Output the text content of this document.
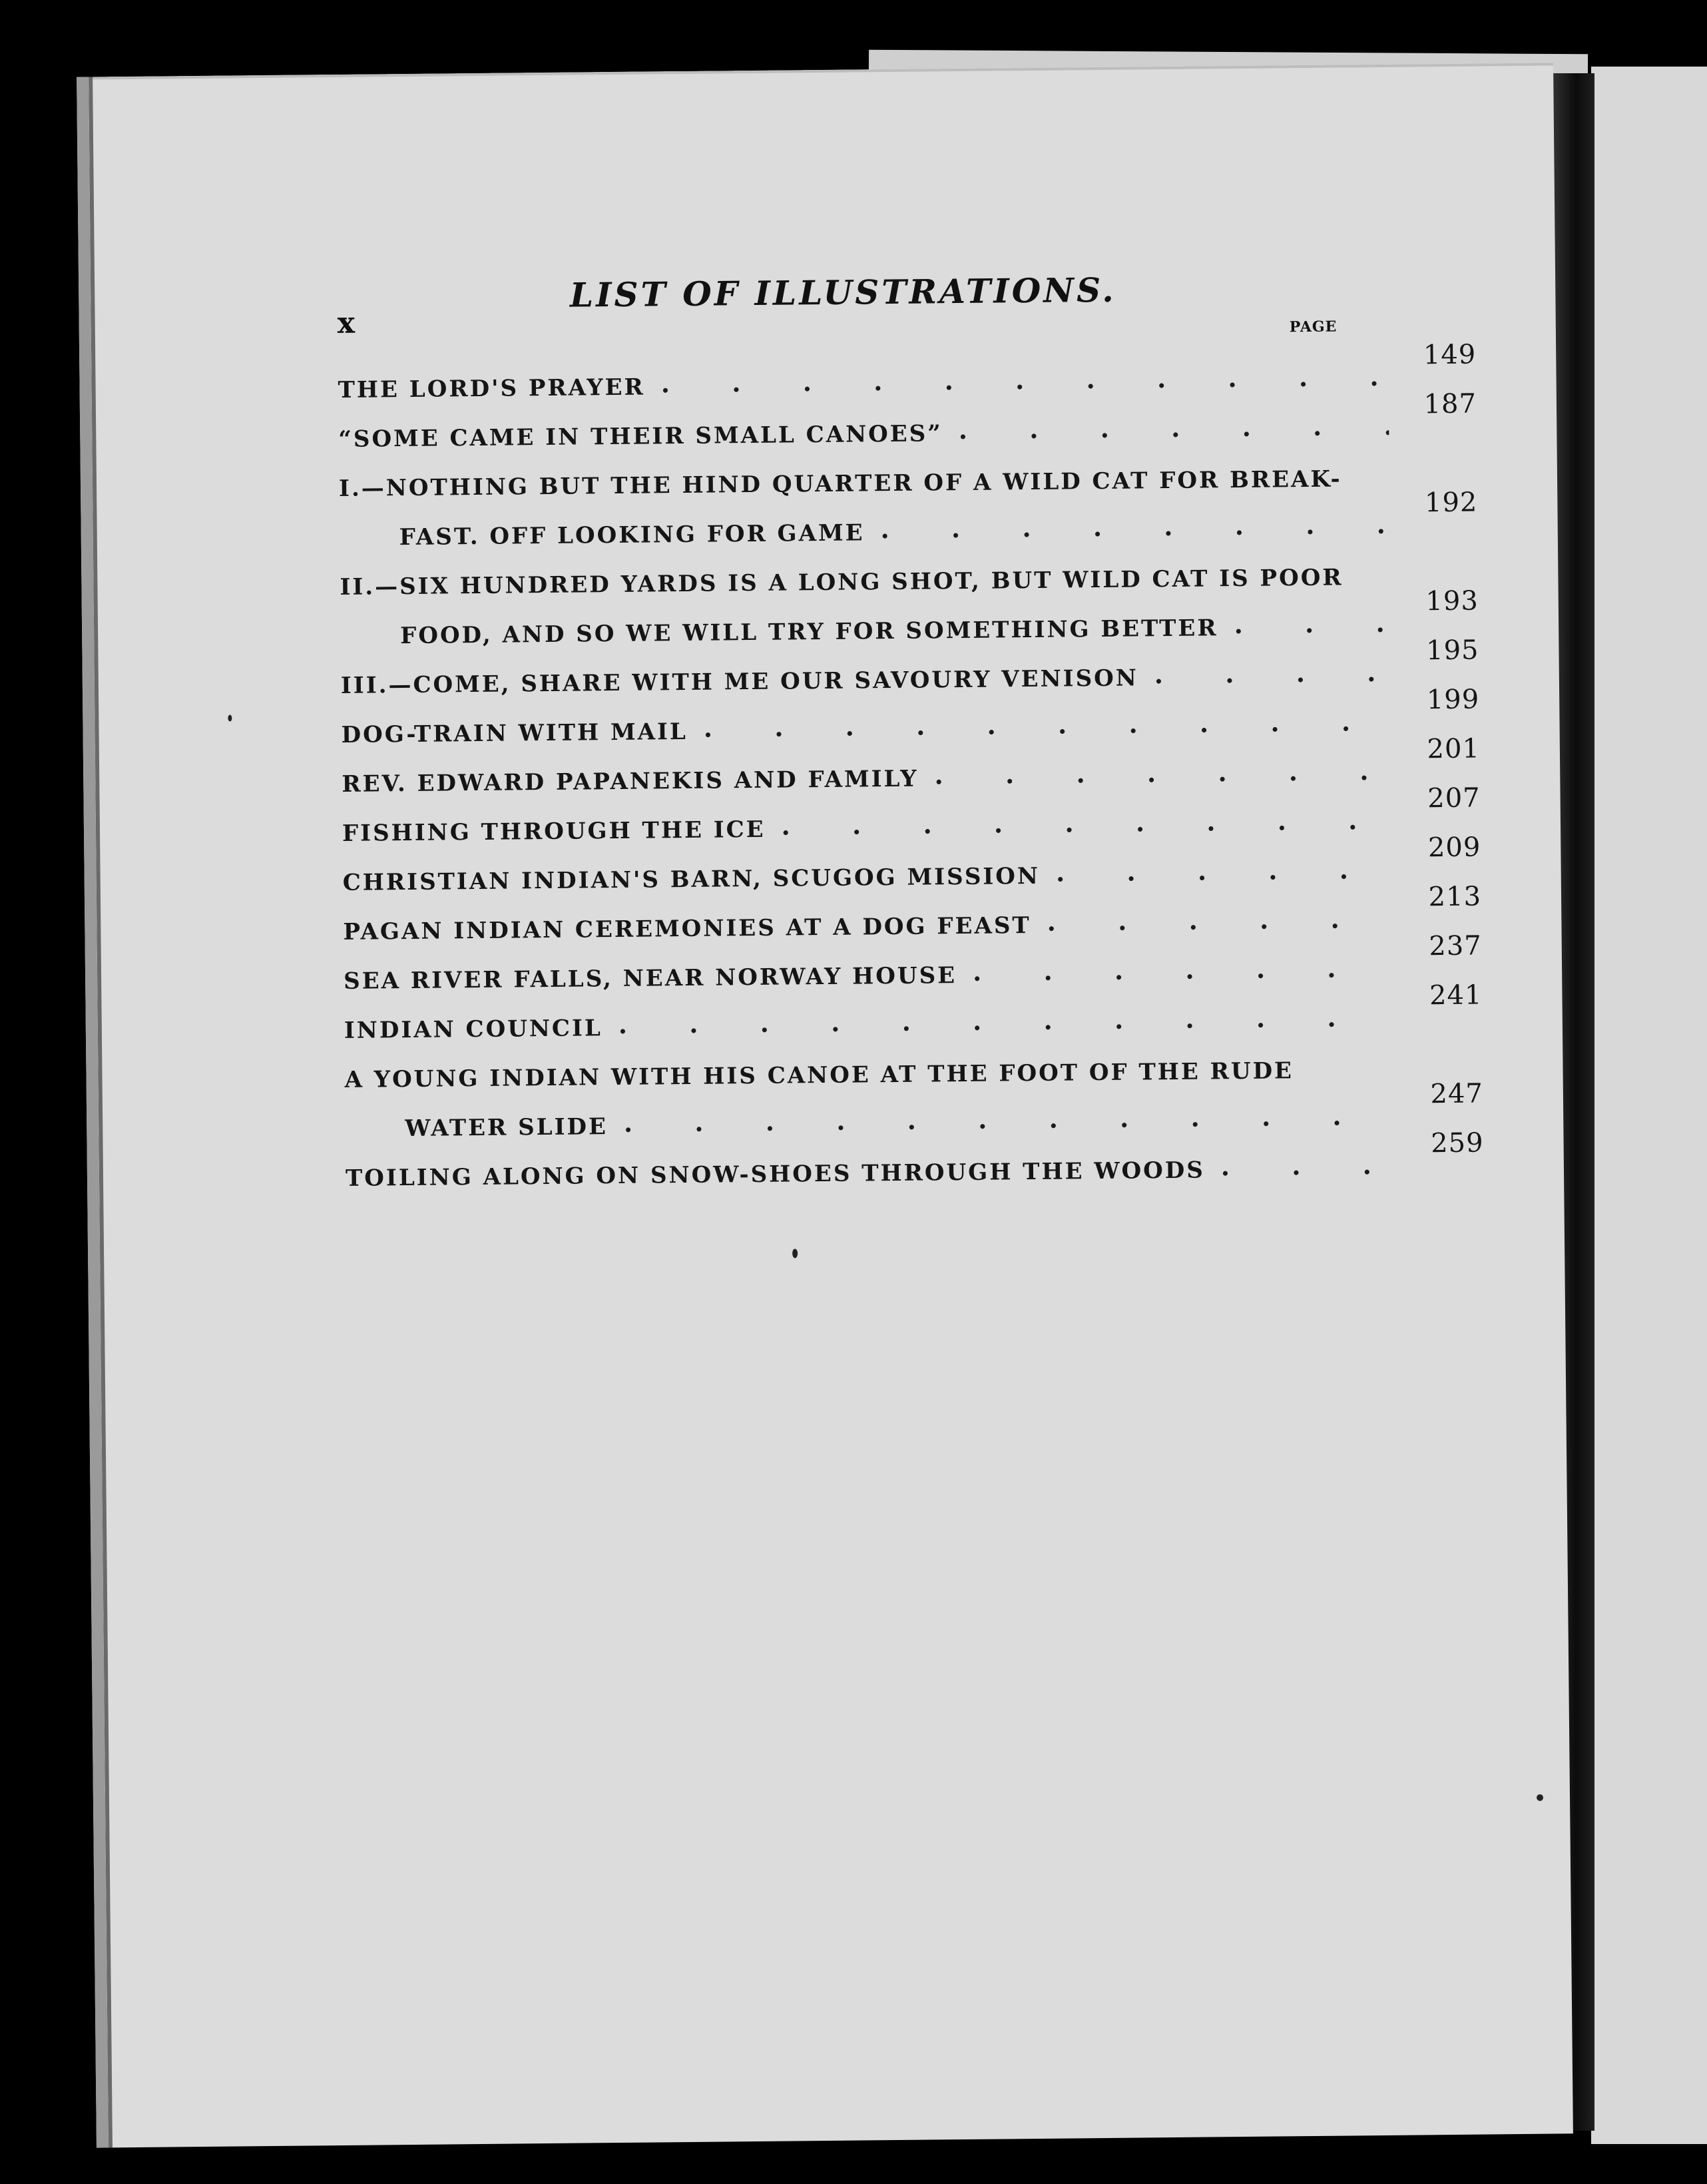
x
LIST OF ILLUSTRATIONS.
PAGE
THE LORD'S PRAYER
. . .
149
“SOME CAME IN THEIR SMALL CANOES”
. . .
187
I.—NOTHING BUT THE HIND QUARTER OF A WILD CAT FOR BREAK-
FAST. OFF LOOKING FOR GAME
. . .
192
II.—SIX HUNDRED YARDS IS A LONG SHOT, BUT WILD CAT IS POOR
FOOD, AND SO WE WILL TRY FOR SOMETHING BETTER
. . .
193
III.—COME, SHARE WITH ME OUR SAVOURY VENISON
. . .
195
DOG-TRAIN WITH MAIL
. . .
199
REV. EDWARD PAPANEKIS AND FAMILY
. . .
201
FISHING THROUGH THE ICE
. . .
207
CHRISTIAN INDIAN'S BARN, SCUGOG MISSION
. . .
209
PAGAN INDIAN CEREMONIES AT A DOG FEAST
. . .
213
SEA RIVER FALLS, NEAR NORWAY HOUSE
. . .
237
INDIAN COUNCIL
. . .
241
A YOUNG INDIAN WITH HIS CANOE AT THE FOOT OF THE RUDE
WATER SLIDE
. . .
247
TOILING ALONG ON SNOW-SHOES THROUGH THE WOODS
. . .
259
